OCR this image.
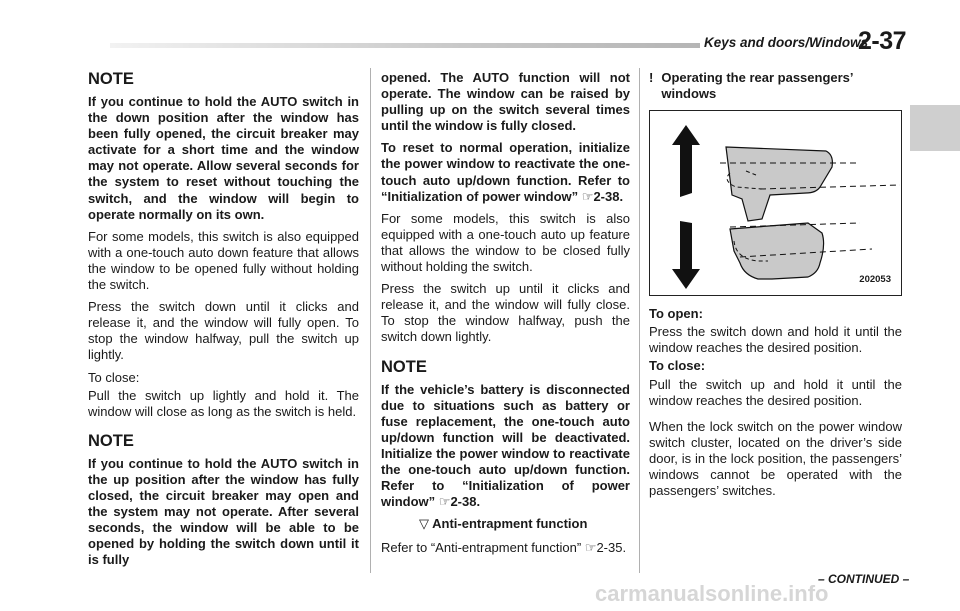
Keys and doors/Windows
2-37
NOTE
If you continue to hold the AUTO switch in the down position after the window has been fully opened, the circuit breaker may activate for a short time and the window may not operate. Allow several seconds for the system to reset without touching the switch, and the window will begin to operate normally on its own.

For some models, this switch is also equipped with a one-touch auto down feature that allows the window to be opened fully without holding the switch.

Press the switch down until it clicks and release it, and the window will fully open. To stop the window halfway, pull the switch up lightly.

To close:

Pull the switch up lightly and hold it. The window will close as long as the switch is held.

NOTE
If you continue to hold the AUTO switch in the up position after the window has fully closed, the circuit breaker may open and the system may not operate. After several seconds, the window will be able to be opened by holding the switch down until it is fully
opened. The AUTO function will not operate. The window can be raised by pulling up on the switch several times until the window is fully closed.
To reset to normal operation, initialize the power window to reactivate the one-touch auto up/down function. Refer to “Initialization of power window” ☞2-38.

For some models, this switch is also equipped with a one-touch auto up feature that allows the window to be closed fully without holding the switch.

Press the switch up until it clicks and release it, and the window will fully close. To stop the window halfway, push the switch down lightly.

NOTE
If the vehicle’s battery is disconnected due to situations such as battery or fuse replacement, the one-touch auto up/down function will be deactivated. Initialize the power window to reactivate the one-touch auto up/down function. Refer to “Initialization of power window” ☞2-38.
▽ Anti-entrapment function

Refer to “Anti-entrapment function” ☞2-35.

! Operating the rear passengers’ windows
202053

To open:

Press the switch down and hold it until the window reaches the desired position.

To close:

Pull the switch up and hold it until the window reaches the desired position.

When the lock switch on the power window switch cluster, located on the driver’s side door, is in the lock position, the passengers’ windows cannot be operated with the passengers’ switches.

– CONTINUED –
carmanualsonline.info
